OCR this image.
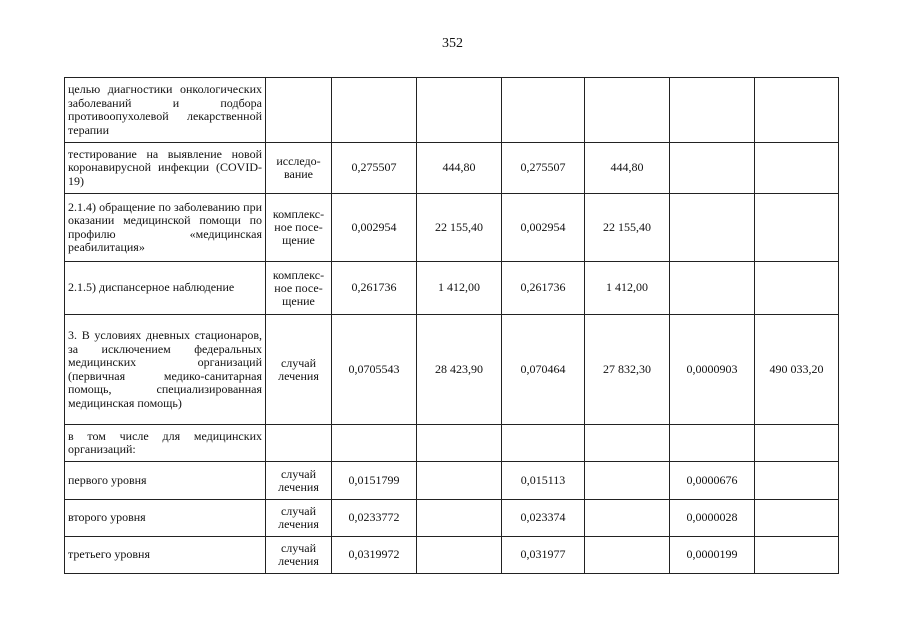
352
целью диагностики онкологических заболеваний и подбора противоопухолевой лекарственной терапии							
тестирование на выявление новой коронавирусной инфекции (COVID-19)	исследо-вание	0,275507	444,80	0,275507	444,80		
2.1.4) обращение по заболеванию при оказании медицинской помощи по профилю «медицинская реабилитация»	комплекс-ное посе-щение	0,002954	22 155,40	0,002954	22 155,40		
2.1.5) диспансерное наблюдение	комплекс-ное посе-щение	0,261736	1 412,00	0,261736	1 412,00		
3. В условиях дневных стационаров, за исключением федеральных медицинских организаций (первичная медико-санитарная помощь, специализированная медицинская помощь)	случай лечения	0,0705543	28 423,90	0,070464	27 832,30	0,0000903	490 033,20
в том числе для медицинских организаций:							
первого уровня	случай лечения	0,0151799		0,015113		0,0000676	
второго уровня	случай лечения	0,0233772		0,023374		0,0000028	
третьего уровня	случай лечения	0,0319972		0,031977		0,0000199	
